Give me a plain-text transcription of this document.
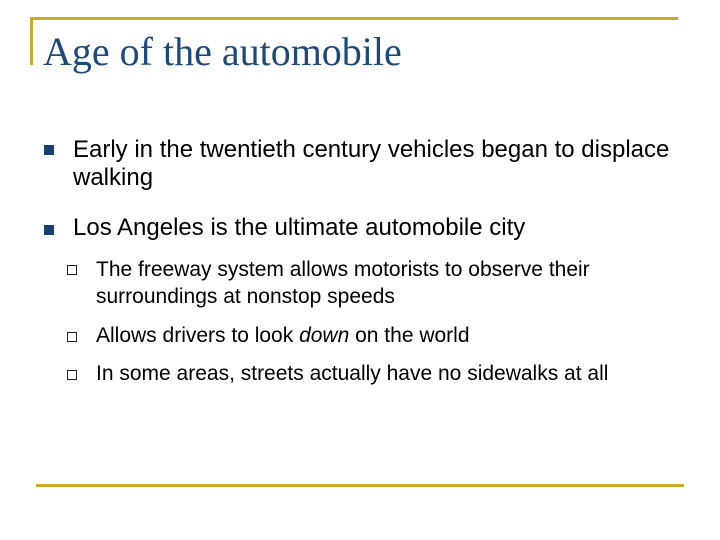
Age of the automobile
Early in the twentieth century vehicles began to displace walking
Los Angeles is the ultimate automobile city
The freeway system allows motorists to observe their surroundings at nonstop speeds
Allows drivers to look down on the world
In some areas, streets actually have no sidewalks at all
